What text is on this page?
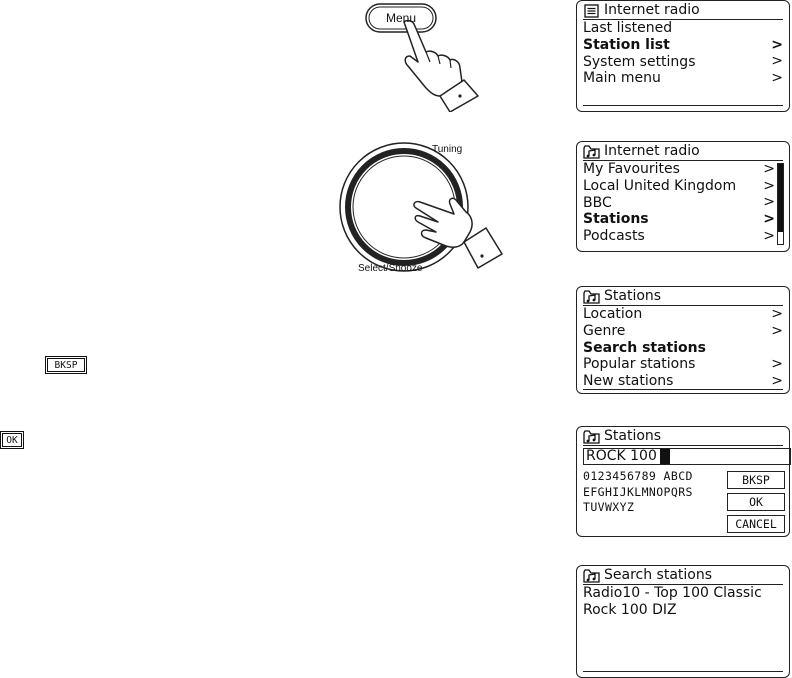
Menu
Tuning
Select/Snooze
BKSP
OK
Internet radio
Last listened
Station list	>
System settings	>
Main menu	>
Internet radio
My Favourites	>
Local United Kingdom >
BBC	>
Stations	>
Podcasts	>
Stations
Location	>
Genre	>
Search stations
Popular stations	>
New stations	>
Stations
ROCK 100
0123456789 ABCD
EFGHIJKLMNOPQRS
TUVWXYZ
BKSP
OK
CANCEL
Search stations
Radio10 - Top 100 Classic
Rock 100 DIZ
